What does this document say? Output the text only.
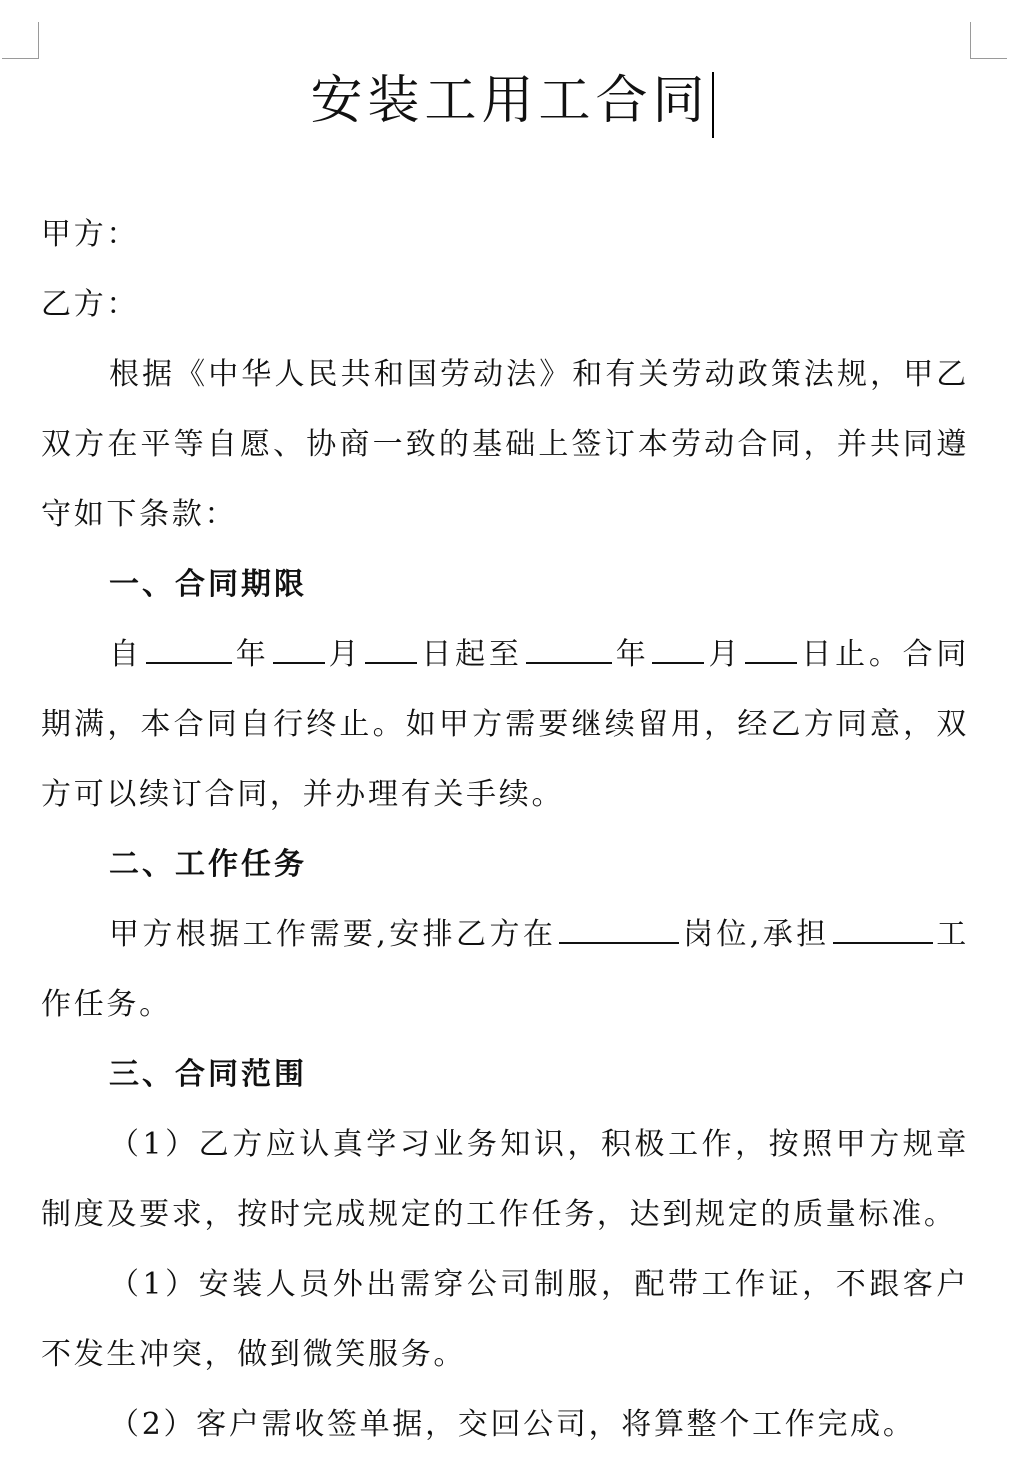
安装工用工合同

甲方：

乙方：

根据《中华人民共和国劳动法》和有关劳动政策法规，甲乙双方在平等自愿、协商一致的基础上签订本劳动合同，并共同遵守如下条款：

一、合同期限

自	年 月 日起至	年 月 日止。合同期满，本合同自行终止。如甲方需要继续留用，经乙方同意，双方可以续订合同，并办理有关手续。

二、工作任务

甲方根据工作需要,安排乙方在	岗位,承担	工作任务。

三、合同范围

（1）乙方应认真学习业务知识，积极工作，按照甲方规章制度及要求，按时完成规定的工作任务，达到规定的质量标准。

（1）安装人员外出需穿公司制服，配带工作证，不跟客户不发生冲突，做到微笑服务。

（2）客户需收签单据，交回公司，将算整个工作完成。
